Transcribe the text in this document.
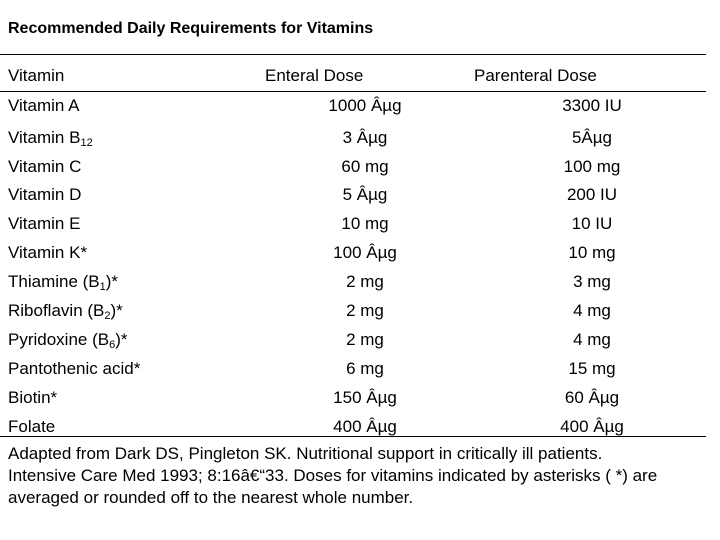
Recommended Daily Requirements for Vitamins
Vitamin	Enteral Dose	Parenteral Dose
Vitamin A	1000 Âµg	3300 IU
Vitamin $B_{12}$	3 Âµg	5Âµg
Vitamin C	60 mg	100 mg
Vitamin D	5 Âµg	200 IU
Vitamin E	10 mg	10 IU
Vitamin K*	100 Âµg	10 mg
Thiamine $(B_1)*$	2 mg	3 mg
Riboflavin $(B_2)*$	2 mg	4 mg
Pyridoxine $(B_6)*$	2 mg	4 mg
Pantothenic acid*	6 mg	15 mg
Biotin*	150 Âµg	60 Âµg
Folate	400 Âµg	400 Âµg
Adapted from Dark DS, Pingleton SK. Nutritional support in critically ill patients.
Intensive Care Med 1993; 8:16â€“33. Doses for vitamins indicated by asterisks ( *) are
averaged or rounded off to the nearest whole number.
